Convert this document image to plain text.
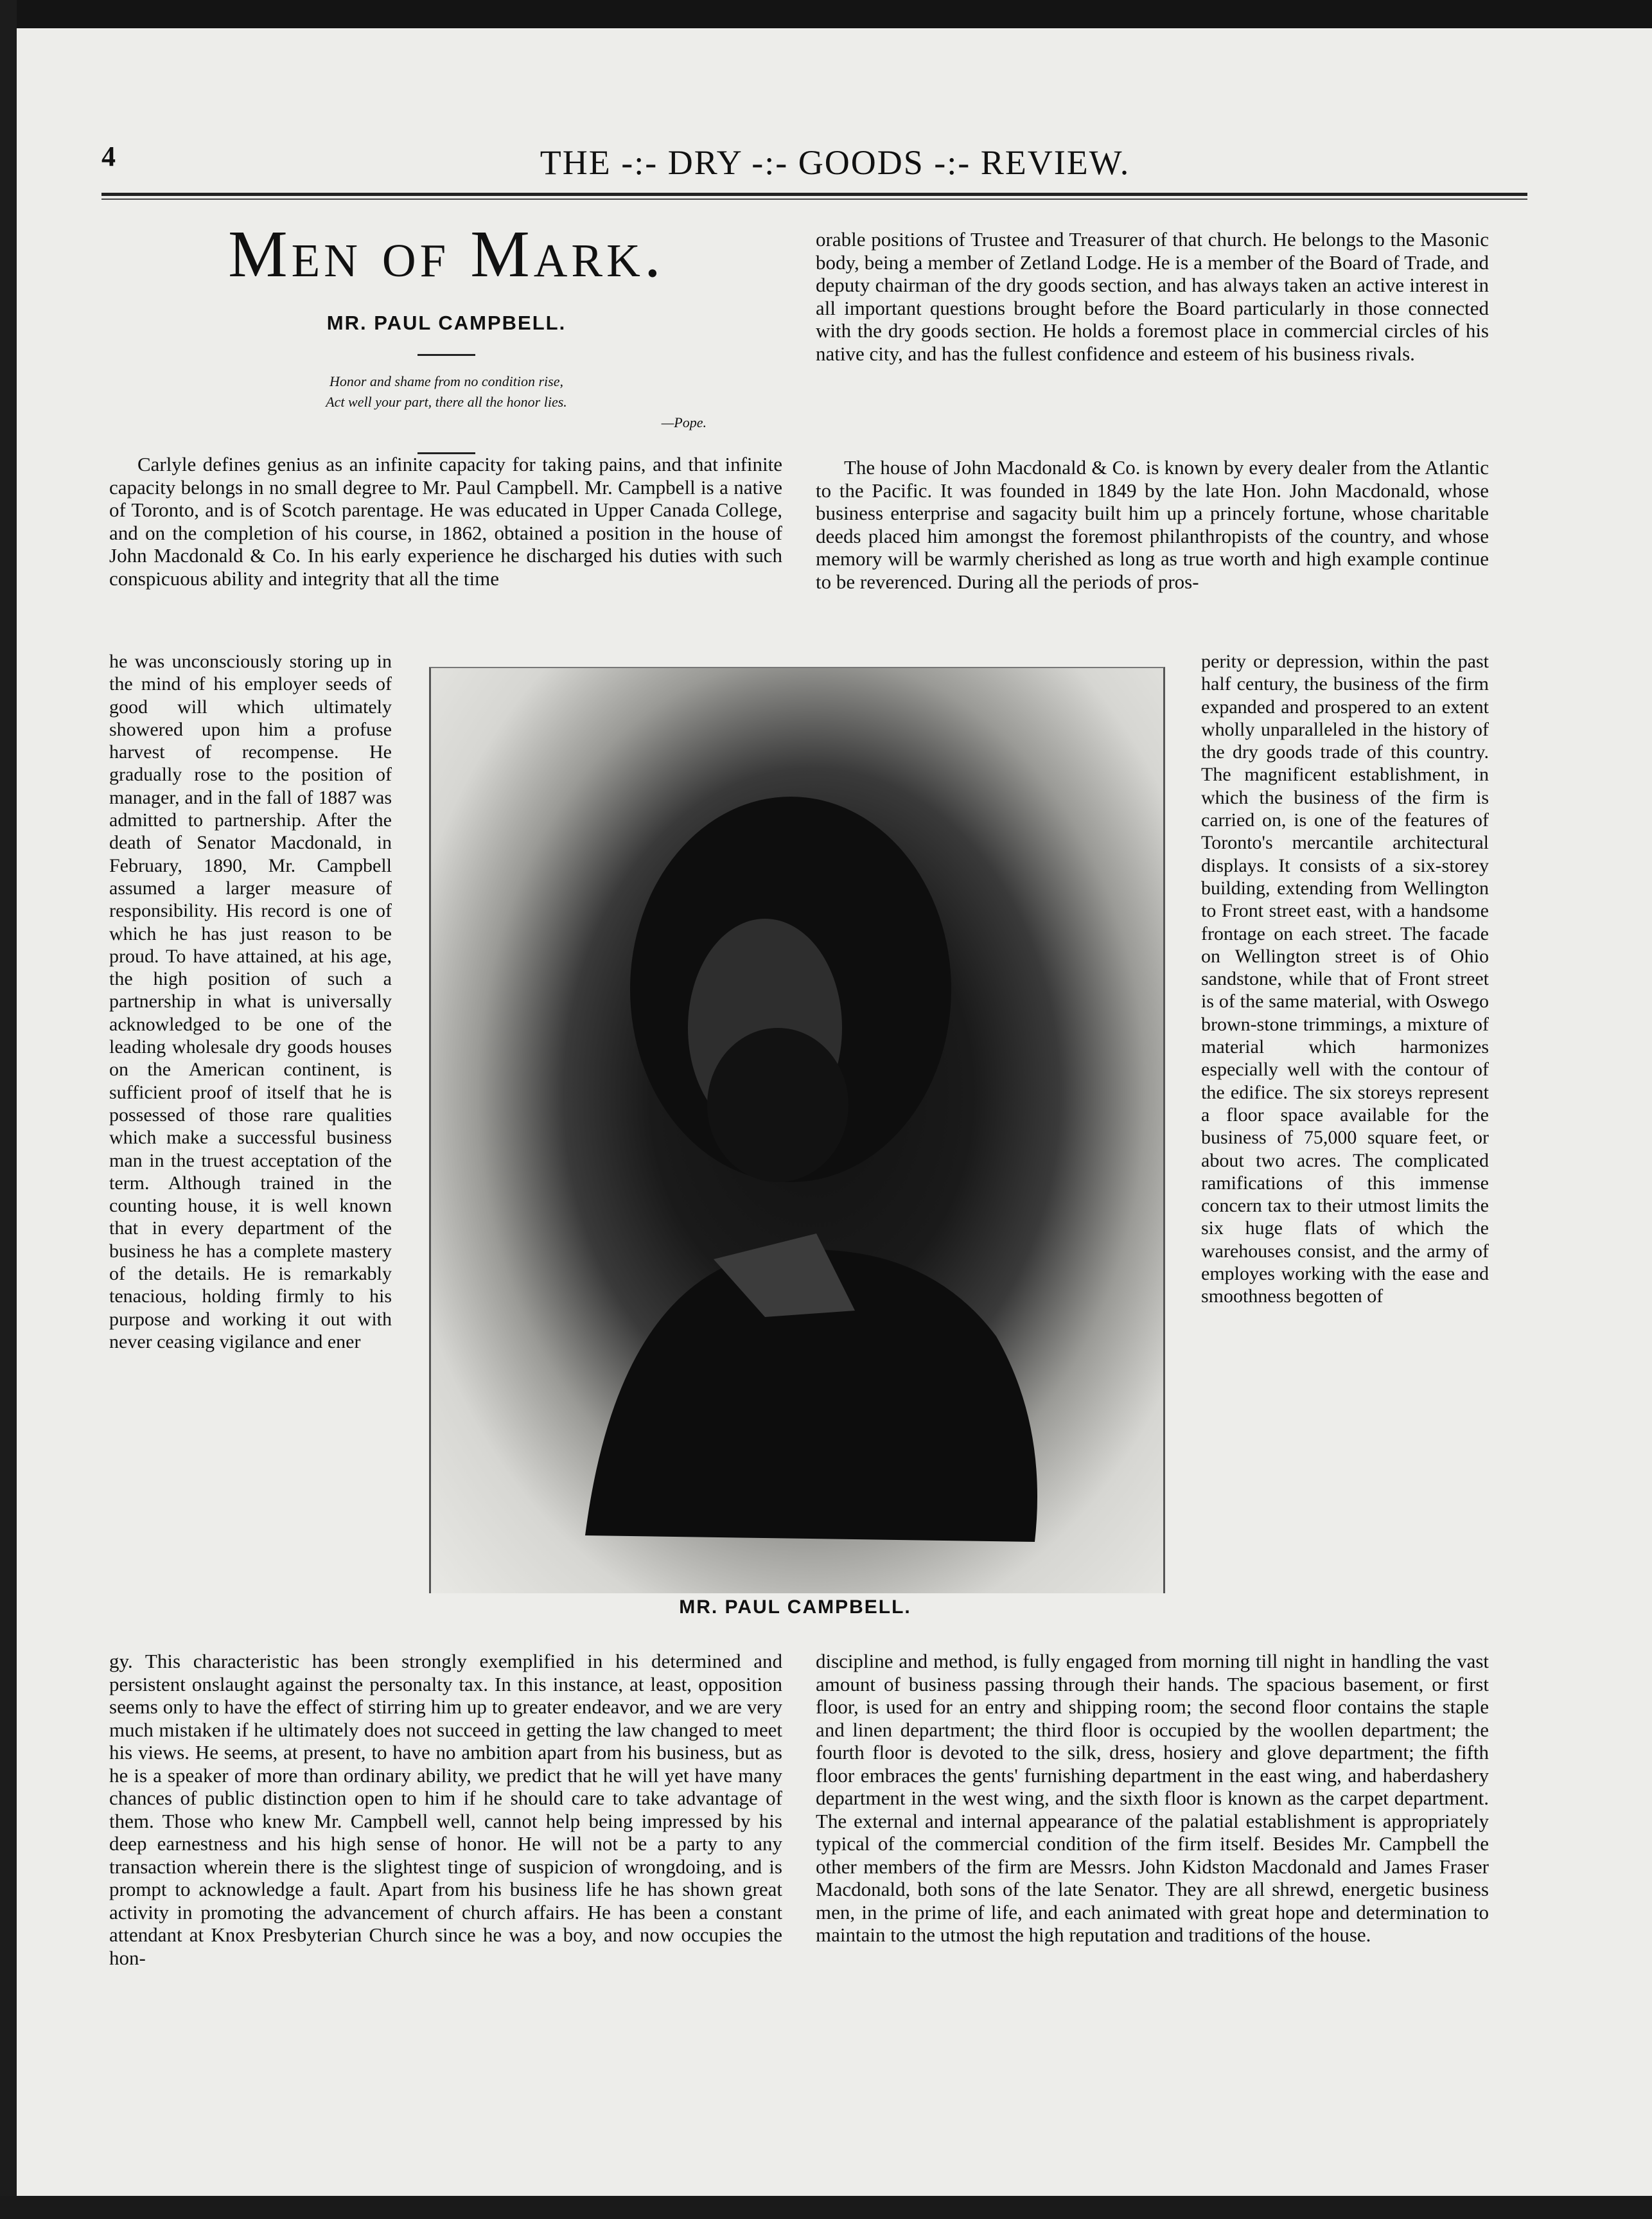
4	THE -:- DRY -:- GOODS -:- REVIEW.
Men of Mark.
MR. PAUL CAMPBELL.
Honor and shame from no condition rise,
Act well your part, there all the honor lies.
—Pope.

Carlyle defines genius as an infinite capacity for taking pains, and that infinite capacity belongs in no small degree to Mr. Paul Campbell. Mr. Campbell is a native of Toronto, and is of Scotch parentage. He was educated in Upper Canada College, and on the completion of his course, in 1862, obtained a position in the house of John Macdonald & Co. In his early experience he discharged his duties with such conspicuous ability and integrity that all the time

he was unconsciously storing up in the mind of his employer seeds of good will which ultimately showered upon him a profuse harvest of recompense. He gradually rose to the position of manager, and in the fall of 1887 was admitted to partnership. After the death of Senator Macdonald, in February, 1890, Mr. Campbell assumed a larger measure of responsibility. His record is one of which he has just reason to be proud. To have attained, at his age, the high position of such a partnership in what is universally acknowledged to be one of the leading wholesale dry goods houses on the American continent, is sufficient proof of itself that he is possessed of those rare qualities which make a successful business man in the truest acceptation of the term. Although trained in the counting house, it is well known that in every department of the business he has a complete mastery of the details. He is remarkably tenacious, holding firmly to his purpose and working it out with never ceasing vigilance and ener

gy. This characteristic has been strongly exemplified in his determined and persistent onslaught against the personalty tax. In this instance, at least, opposition seems only to have the effect of stirring him up to greater endeavor, and we are very much mistaken if he ultimately does not succeed in getting the law changed to meet his views. He seems, at present, to have no ambition apart from his business, but as he is a speaker of more than ordinary ability, we predict that he will yet have many chances of public distinction open to him if he should care to take advantage of them. Those who knew Mr. Campbell well, cannot help being impressed by his deep earnestness and his high sense of honor. He will not be a party to any transaction wherein there is the slightest tinge of suspicion of wrongdoing, and is prompt to acknowledge a fault. Apart from his business life he has shown great activity in promoting the advancement of church affairs. He has been a constant attendant at Knox Presbyterian Church since he was a boy, and now occupies the hon-

orable positions of Trustee and Treasurer of that church. He belongs to the Masonic body, being a member of Zetland Lodge. He is a member of the Board of Trade, and deputy chairman of the dry goods section, and has always taken an active interest in all important questions brought before the Board particularly in those connected with the dry goods section. He holds a foremost place in commercial circles of his native city, and has the fullest confidence and esteem of his business rivals.

The house of John Macdonald & Co. is known by every dealer from the Atlantic to the Pacific. It was founded in 1849 by the late Hon. John Macdonald, whose business enterprise and sagacity built him up a princely fortune, whose charitable deeds placed him amongst the foremost philanthropists of the country, and whose memory will be warmly cherished as long as true worth and high example continue to be reverenced. During all the periods of pros-

perity or depression, within the past half century, the business of the firm expanded and prospered to an extent wholly unparalleled in the history of the dry goods trade of this country. The magnificent establishment, in which the business of the firm is carried on, is one of the features of Toronto's mercantile architectural displays. It consists of a six-storey building, extending from Wellington to Front street east, with a handsome frontage on each street. The facade on Wellington street is of Ohio sandstone, while that of Front street is of the same material, with Oswego brown-stone trimmings, a mixture of material which harmonizes especially well with the contour of the edifice. The six storeys represent a floor space available for the business of 75,000 square feet, or about two acres. The complicated ramifications of this immense concern tax to their utmost limits the six huge flats of which the warehouses consist, and the army of employes working with the ease and smoothness begotten of

discipline and method, is fully engaged from morning till night in handling the vast amount of business passing through their hands. The spacious basement, or first floor, is used for an entry and shipping room; the second floor contains the staple and linen department; the third floor is occupied by the woollen department; the fourth floor is devoted to the silk, dress, hosiery and glove department; the fifth floor embraces the gents' furnishing department in the east wing, and haberdashery department in the west wing, and the sixth floor is known as the carpet department. The external and internal appearance of the palatial establishment is appropriately typical of the commercial condition of the firm itself. Besides Mr. Campbell the other members of the firm are Messrs. John Kidston Macdonald and James Fraser Macdonald, both sons of the late Senator. They are all shrewd, energetic business men, in the prime of life, and each animated with great hope and determination to maintain to the utmost the high reputation and traditions of the house.

MR. PAUL CAMPBELL.
